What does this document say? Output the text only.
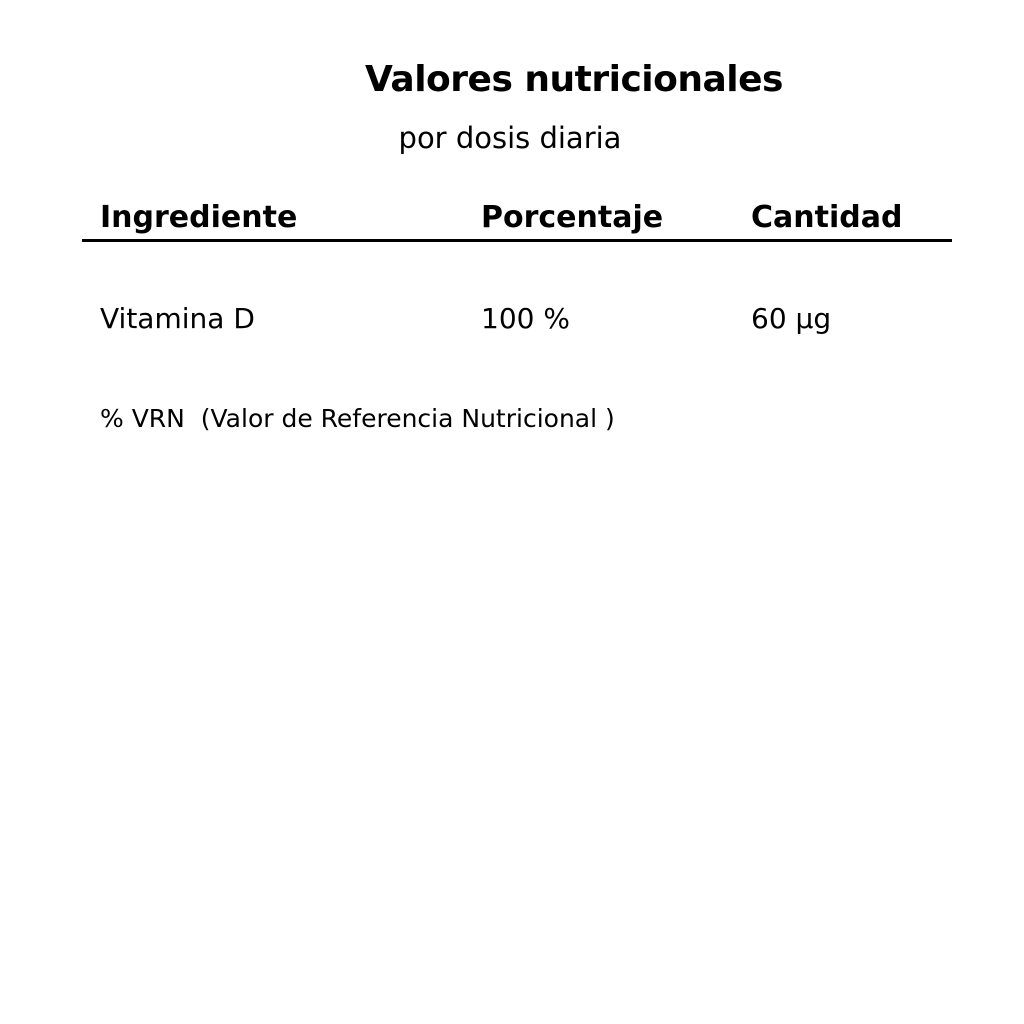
Valores nutricionales
por dosis diaria
Ingrediente	Porcentaje	Cantidad
Vitamina D	100 %	60 µg
% VRN  (Valor de Referencia Nutricional )
